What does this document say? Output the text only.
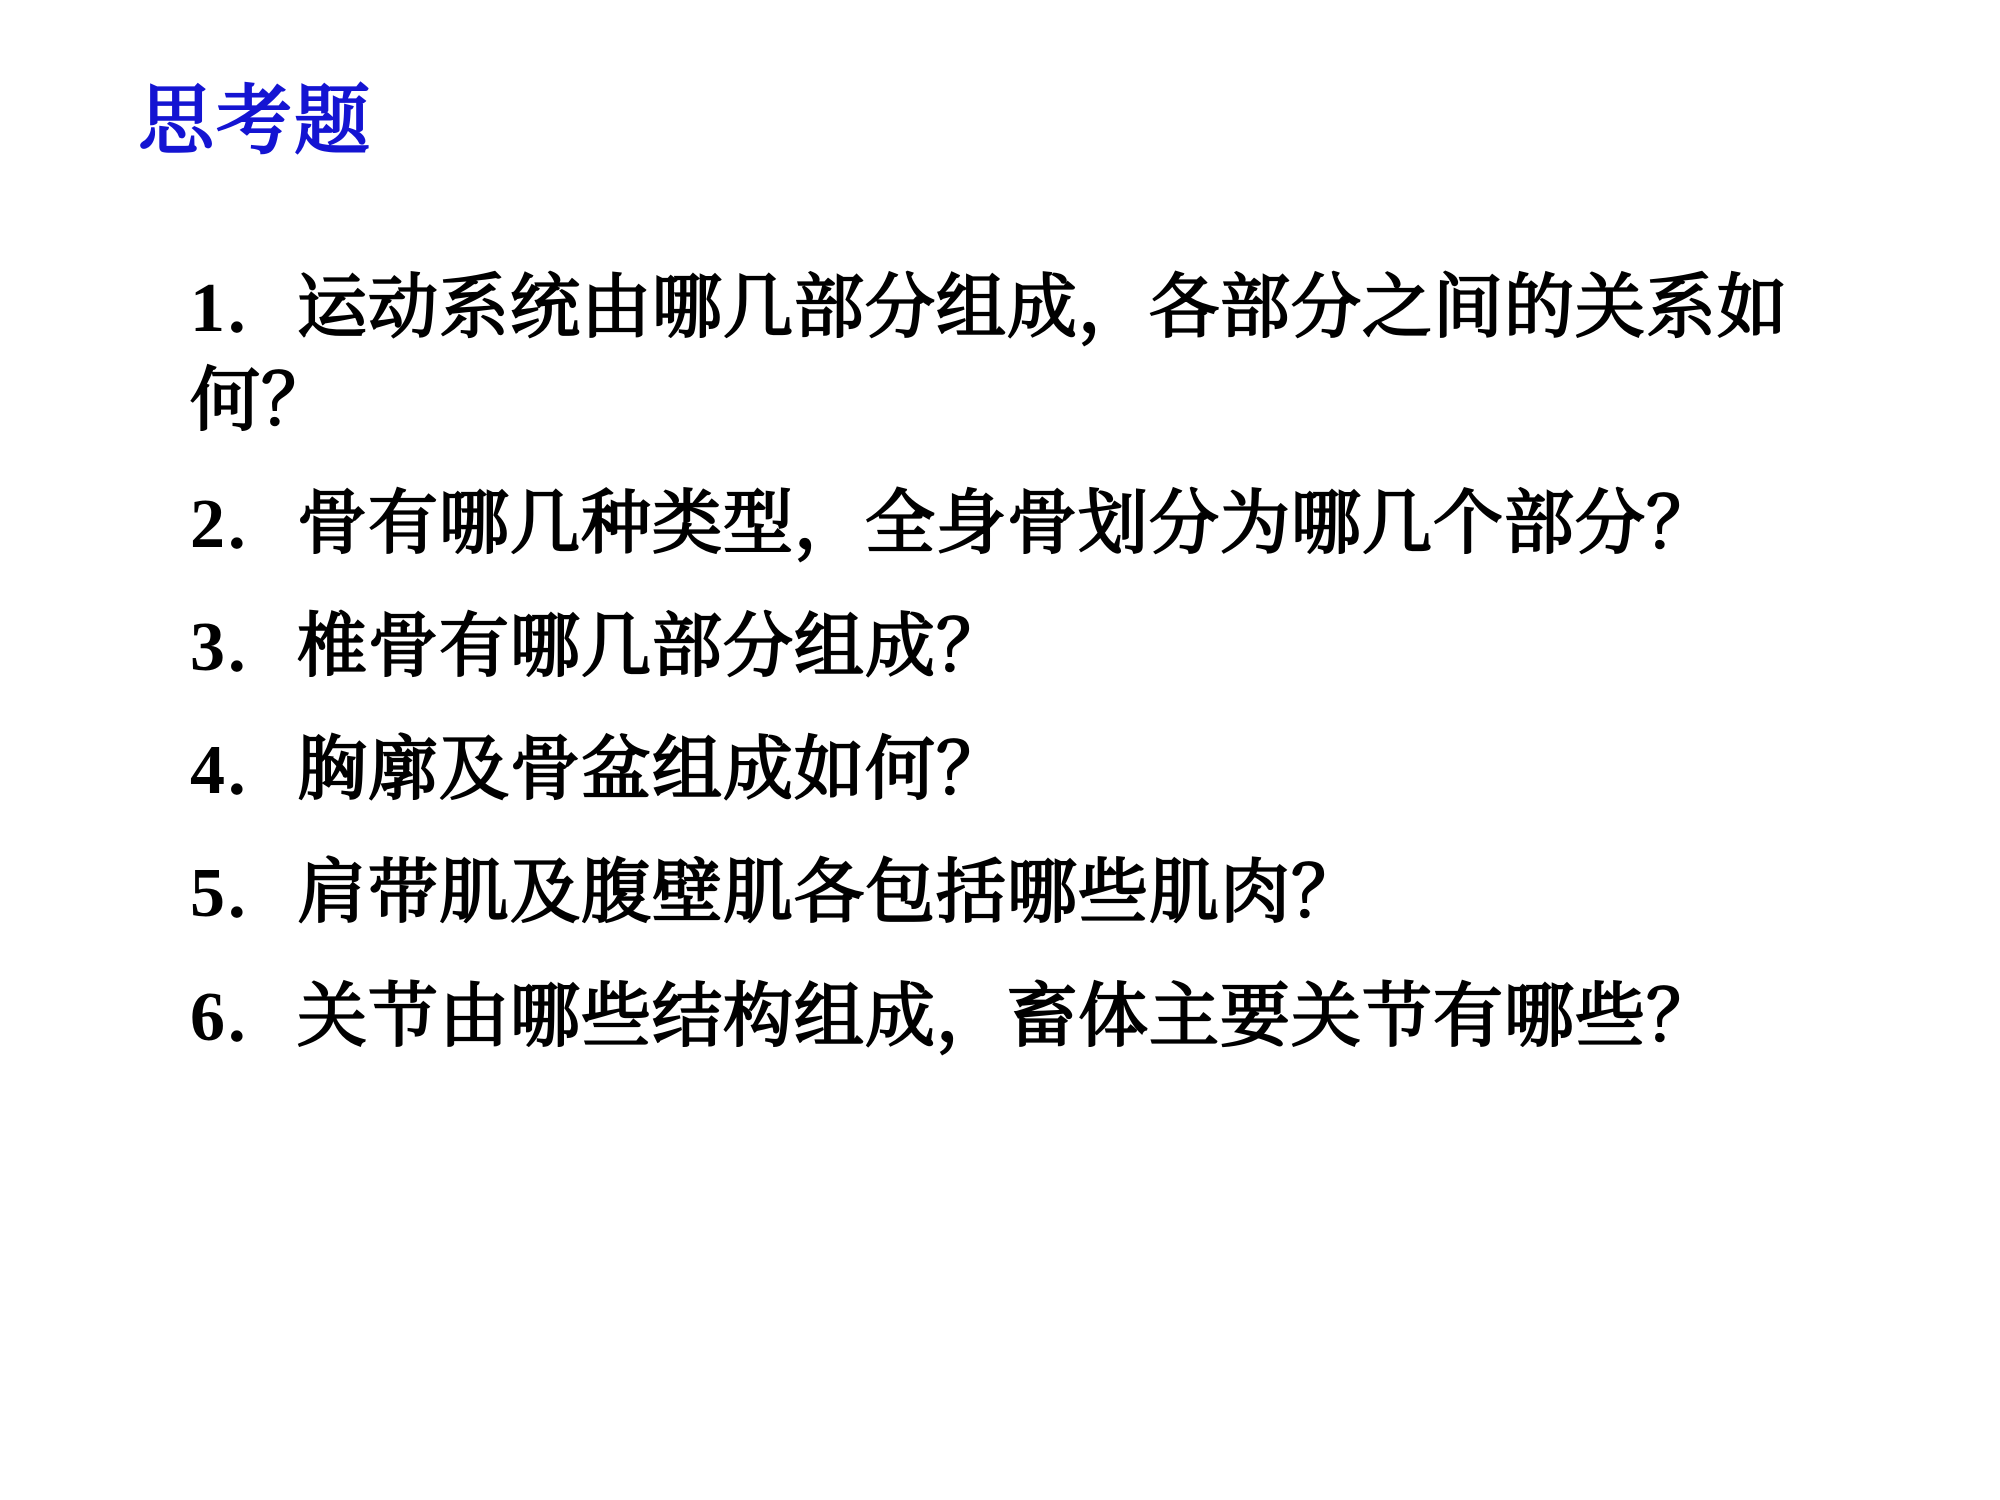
思考题
1．运动系统由哪几部分组成，各部分之间的关系如何？
2．骨有哪几种类型，全身骨划分为哪几个部分？
3．椎骨有哪几部分组成？
4．胸廓及骨盆组成如何？
5．肩带肌及腹壁肌各包括哪些肌肉？
6．关节由哪些结构组成，畜体主要关节有哪些？
